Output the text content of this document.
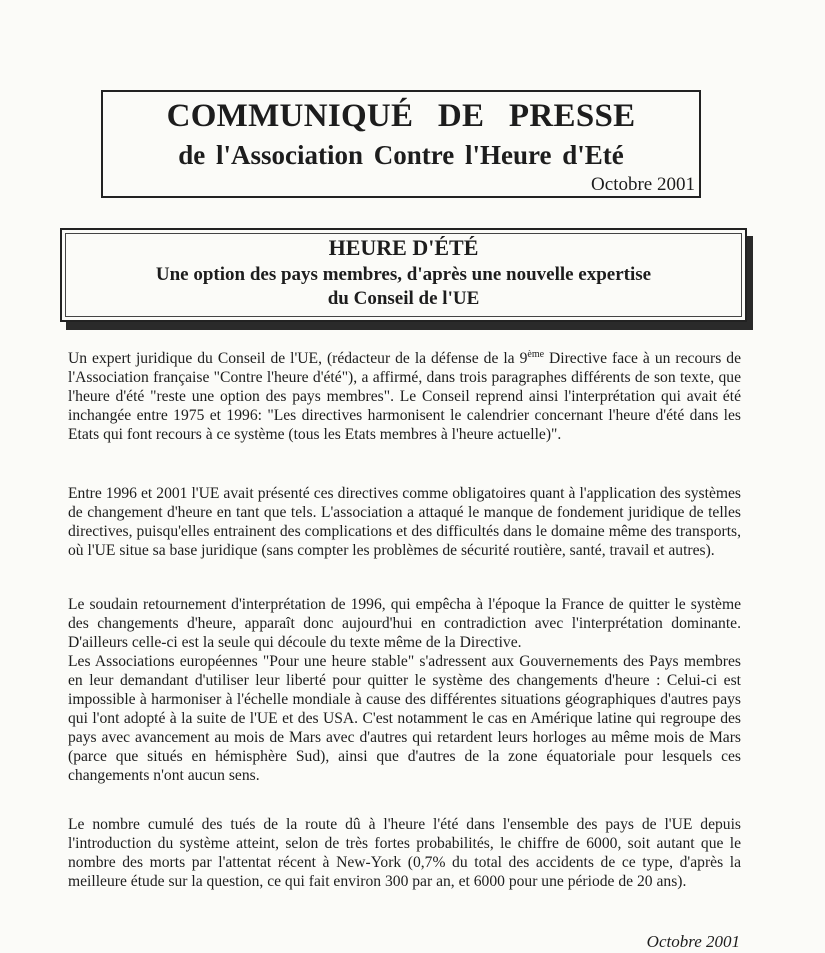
COMMUNIQUÉ DE PRESSE
de l'Association Contre l'Heure d'Eté
Octobre 2001
HEURE D'ÉTÉ
Une option des pays membres, d'après une nouvelle expertise
du Conseil de l'UE

Un expert juridique du Conseil de l'UE, (rédacteur de la défense de la 9ème Directive face à un recours de l'Association française "Contre l'heure d'été"), a affirmé, dans trois paragraphes différents de son texte, que l'heure d'été "reste une option des pays membres". Le Conseil reprend ainsi l'interprétation qui avait été inchangée entre 1975 et 1996: "Les directives harmonisent le calendrier concernant l'heure d'été dans les Etats qui font recours à ce système (tous les Etats membres à l'heure actuelle)".

Entre 1996 et 2001 l'UE avait présenté ces directives comme obligatoires quant à l'application des systèmes de changement d'heure en tant que tels. L'association a attaqué le manque de fondement juridique de telles directives, puisqu'elles entrainent des complications et des difficultés dans le domaine même des transports, où l'UE situe sa base juridique (sans compter les problèmes de sécurité routière, santé, travail et autres).

Le soudain retournement d'interprétation de 1996, qui empêcha à l'époque la France de quitter le système des changements d'heure, apparaît donc aujourd'hui en contradiction avec l'interprétation dominante. D'ailleurs celle-ci est la seule qui découle du texte même de la Directive.

Les Associations européennes "Pour une heure stable" s'adressent aux Gouvernements des Pays membres en leur demandant d'utiliser leur liberté pour quitter le système des changements d'heure : Celui-ci est impossible à harmoniser à l'échelle mondiale à cause des différentes situations géographiques d'autres pays qui l'ont adopté à la suite de l'UE et des USA. C'est notamment le cas en Amérique latine qui regroupe des pays avec avancement au mois de Mars avec d'autres qui retardent leurs horloges au même mois de Mars (parce que situés en hémisphère Sud), ainsi que d'autres de la zone équatoriale pour lesquels ces changements n'ont aucun sens.

Le nombre cumulé des tués de la route dû à l'heure l'été dans l'ensemble des pays de l'UE depuis l'introduction du système atteint, selon de très fortes probabilités, le chiffre de 6000, soit autant que le nombre des morts par l'attentat récent à New-York (0,7% du total des accidents de ce type, d'après la meilleure étude sur la question, ce qui fait environ 300 par an, et 6000 pour une période de 20 ans).

Octobre 2001
